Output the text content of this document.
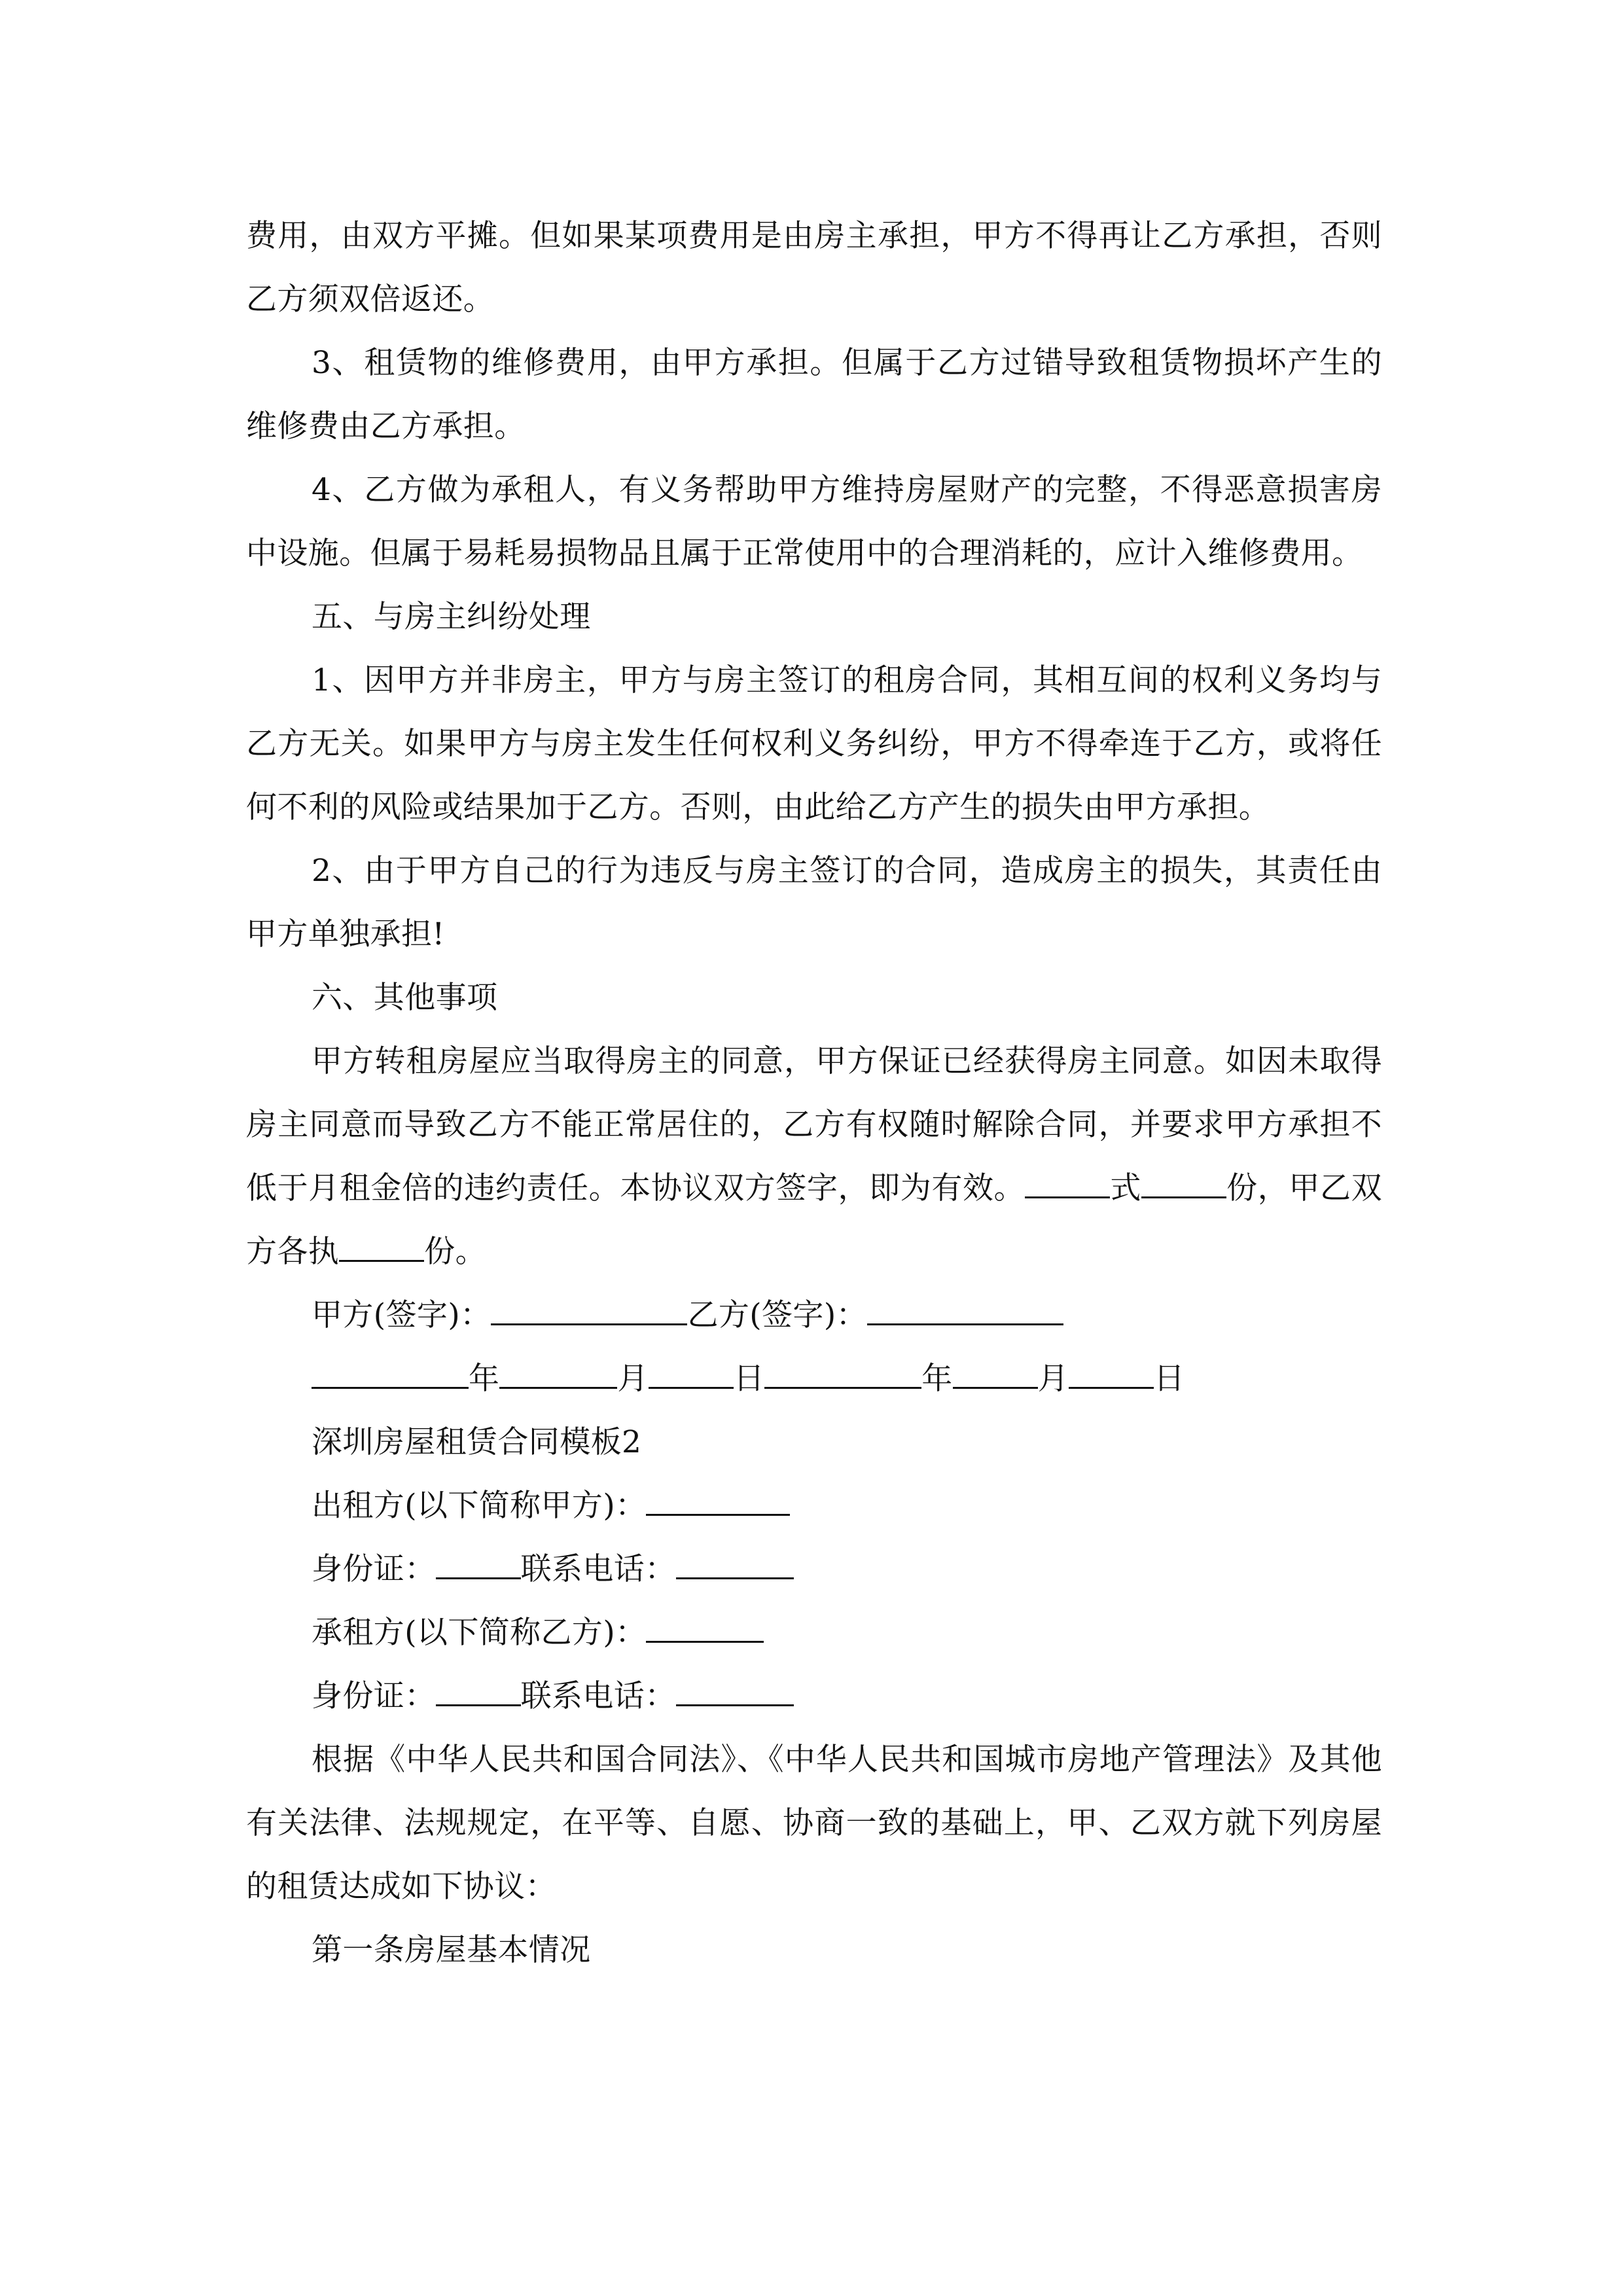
费用，由双方平摊。但如果某项费用是由房主承担，甲方不得再让乙方承担，否则乙方须双倍返还。

3、租赁物的维修费用，由甲方承担。但属于乙方过错导致租赁物损坏产生的维修费由乙方承担。

4、乙方做为承租人，有义务帮助甲方维持房屋财产的完整，不得恶意损害房中设施。但属于易耗易损物品且属于正常使用中的合理消耗的，应计入维修费用。

五、与房主纠纷处理

1、因甲方并非房主，甲方与房主签订的租房合同，其相互间的权利义务均与乙方无关。如果甲方与房主发生任何权利义务纠纷，甲方不得牵连于乙方，或将任何不利的风险或结果加于乙方。否则，由此给乙方产生的损失由甲方承担。

2、由于甲方自己的行为违反与房主签订的合同，造成房主的损失，其责任由甲方单独承担!

六、其他事项

甲方转租房屋应当取得房主的同意，甲方保证已经获得房主同意。如因未取得房主同意而导致乙方不能正常居住的，乙方有权随时解除合同，并要求甲方承担不低于月租金倍的违约责任。本协议双方签字，即为有效。	式	份，甲乙双方各执	份。

甲方(签字)：	乙方(签字)：

年	月	日	年	月	日

深圳房屋租赁合同模板2

出租方(以下简称甲方)：

身份证：	联系电话：

承租方(以下简称乙方)：

身份证：	联系电话：

根据《中华人民共和国合同法》、《中华人民共和国城市房地产管理法》及其他有关法律、法规规定，在平等、自愿、协商一致的基础上，甲、乙双方就下列房屋的租赁达成如下协议：

第一条房屋基本情况
